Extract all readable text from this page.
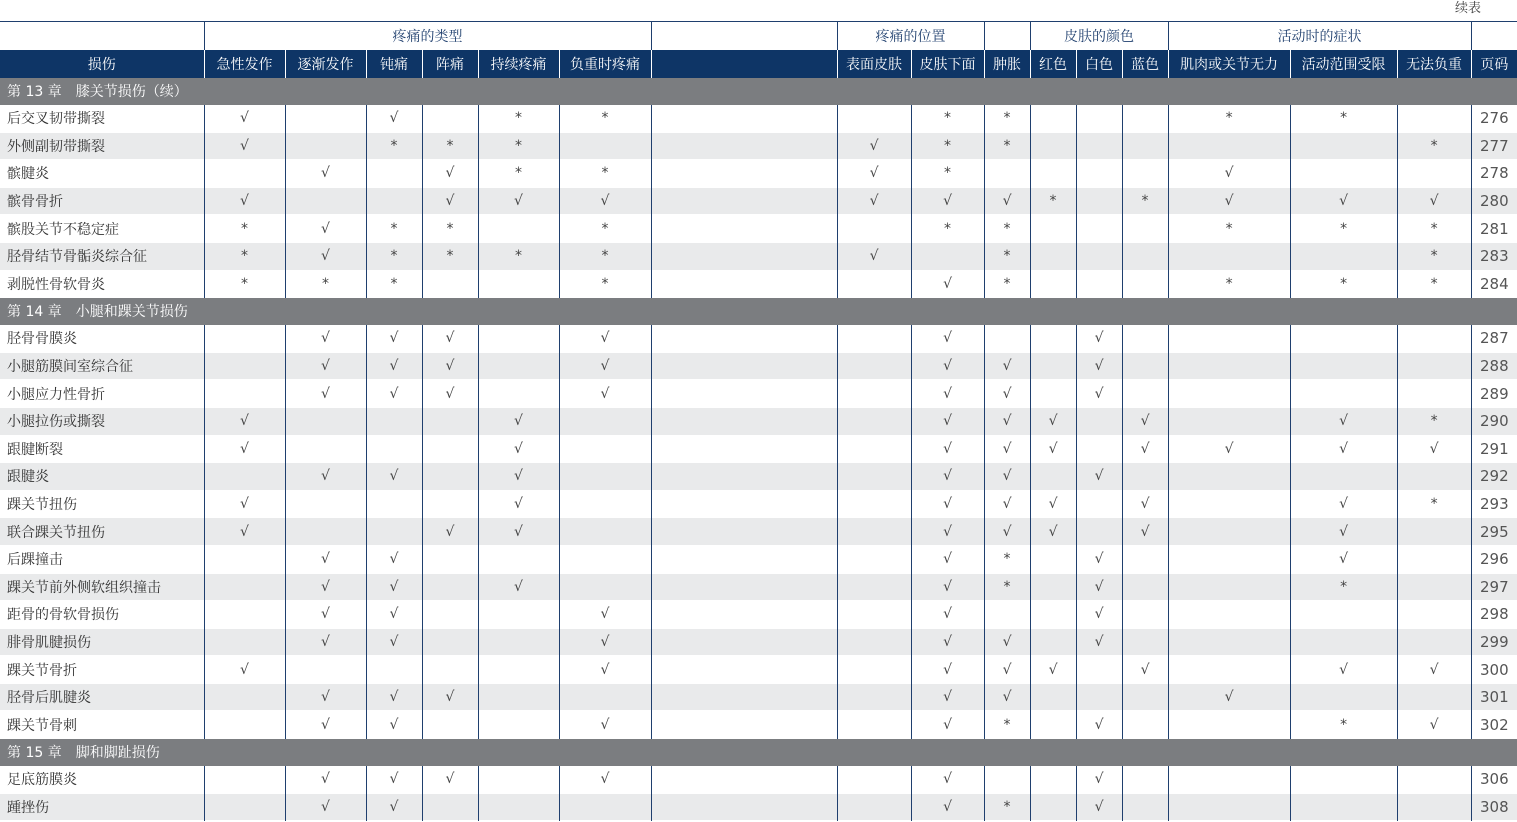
续表
	疼痛的类型							疼痛的位置			皮肤的颜色			活动时的症状			
损伤	急性发作	逐渐发作	钝痛	阵痛	持续疼痛	负重时疼痛		表面皮肤	皮肤下面	肿胀	红色	白色	蓝色	肌肉或关节无力	活动范围受限	无法负重	页码
第 13 章　膝关节损伤（续）																	
后交叉韧带撕裂	√		√		*	*			*	*				*	*		276
外侧副韧带撕裂	√		*	*	*			√	*	*						*	277
髌腱炎		√		√	*	*		√	*					√			278
髌骨骨折	√			√	√	√		√	√	√	*		*	√	√	√	280
髌股关节不稳定症	*	√	*	*		*			*	*				*	*	*	281
胫骨结节骨骺炎综合征	*	√	*	*	*	*		√		*						*	283
剥脱性骨软骨炎	*	*	*			*			√	*				*	*	*	284
第 14 章　小腿和踝关节损伤																	
胫骨骨膜炎		√	√	√		√			√			√					287
小腿筋膜间室综合征		√	√	√		√			√	√		√					288
小腿应力性骨折		√	√	√		√			√	√		√					289
小腿拉伤或撕裂	√				√				√	√	√		√		√	*	290
跟腱断裂	√				√				√	√	√		√	√	√	√	291
跟腱炎		√	√		√				√	√		√					292
踝关节扭伤	√				√				√	√	√		√		√	*	293
联合踝关节扭伤	√			√	√				√	√	√		√		√		295
后踝撞击		√	√						√	*		√			√		296
踝关节前外侧软组织撞击		√	√		√				√	*		√			*		297
距骨的骨软骨损伤		√	√			√			√			√					298
腓骨肌腱损伤		√	√			√			√	√		√					299
踝关节骨折	√					√			√	√	√		√		√	√	300
胫骨后肌腱炎		√	√	√					√	√				√			301
踝关节骨刺		√	√			√			√	*		√			*	√	302
第 15 章　脚和脚趾损伤																	
足底筋膜炎		√	√	√		√			√			√					306
踵挫伤		√	√						√	*		√					308
